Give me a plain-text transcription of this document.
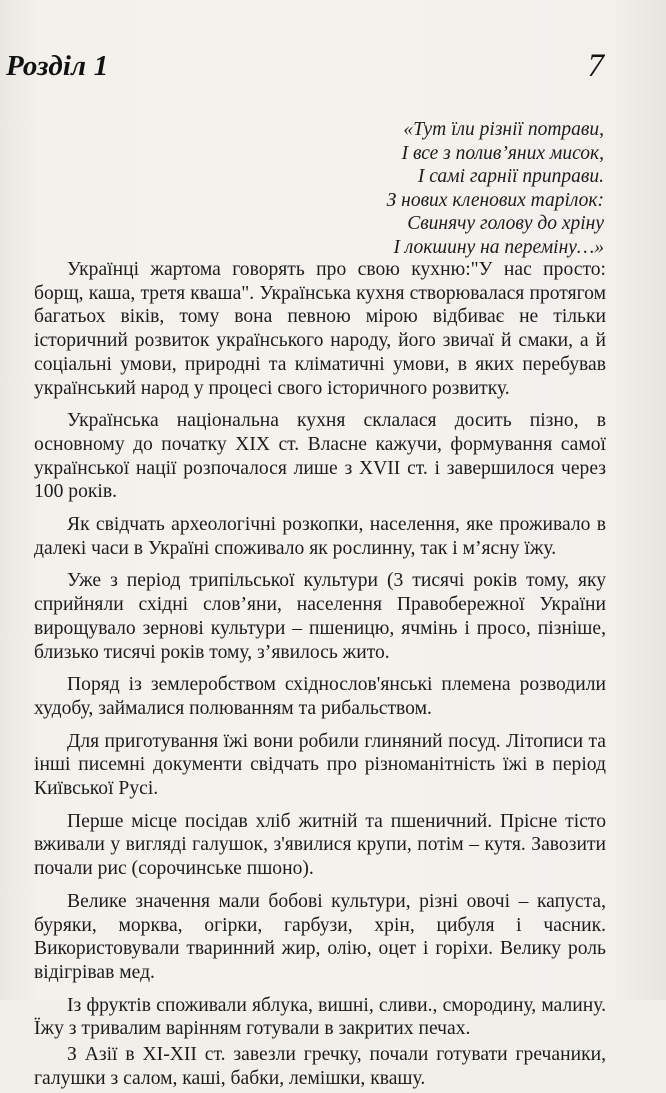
Розділ 1	7
«Тут їли різнії потрави,
І все з полив’яних мисок,
І самі гарнії приправи.
З нових кленових тарілок:
Свинячу голову до хріну
І локшину на переміну…»

Українці жартома говорять про свою кухню:"У нас просто: борщ, каша, третя кваша". Українська кухня створювалася протягом багатьох віків, тому вона певною мірою відбиває не тільки історичний розвиток українського народу, його звичаї й смаки, а й соціальні умови, природні та кліматичні умови, в яких перебував український народ у процесі свого історичного розвитку.

Українська національна кухня склалася досить пізно, в основному до початку XIX ст. Власне кажучи, формування самої української нації розпочалося лише з XVII ст. і завершилося через 100 років.

Як свідчать археологічні розкопки, населення, яке проживало в далекі часи в Україні споживало як рослинну, так і м’ясну їжу.

Уже з період трипільської культури (3 тисячі років тому, яку сприйняли східні слов’яни, населення Правобережної України вирощувало зернові культури – пшеницю, ячмінь і просо, пізніше, близько тисячі років тому, з’явилось жито.

Поряд із землеробством східнослов'янські племена розводили худобу, займалися полюванням та рибальством.

Для приготування їжі вони робили глиняний посуд. Літописи та інші писемні документи свідчать про різноманітність їжі в період Київської Русі.

Перше місце посідав хліб житній та пшеничний. Прісне тісто вживали у вигляді галушок, з'явилися крупи, потім – кутя. Завозити почали рис (сорочинське пшоно).

Велике значення мали бобові культури, різні овочі – капуста, буряки, морква, огірки, гарбузи, хрін, цибуля і часник. Використовували тваринний жир, олію, оцет і горіхи. Велику роль відігрівав мед.

Із фруктів споживали яблука, вишні, сливи., смородину, малину. Їжу з тривалим варінням готували в закритих печах.

З Азії в XI-XII ст. завезли гречку, почали готувати гречаники, галушки з салом, каші, бабки, лемішки, квашу.
